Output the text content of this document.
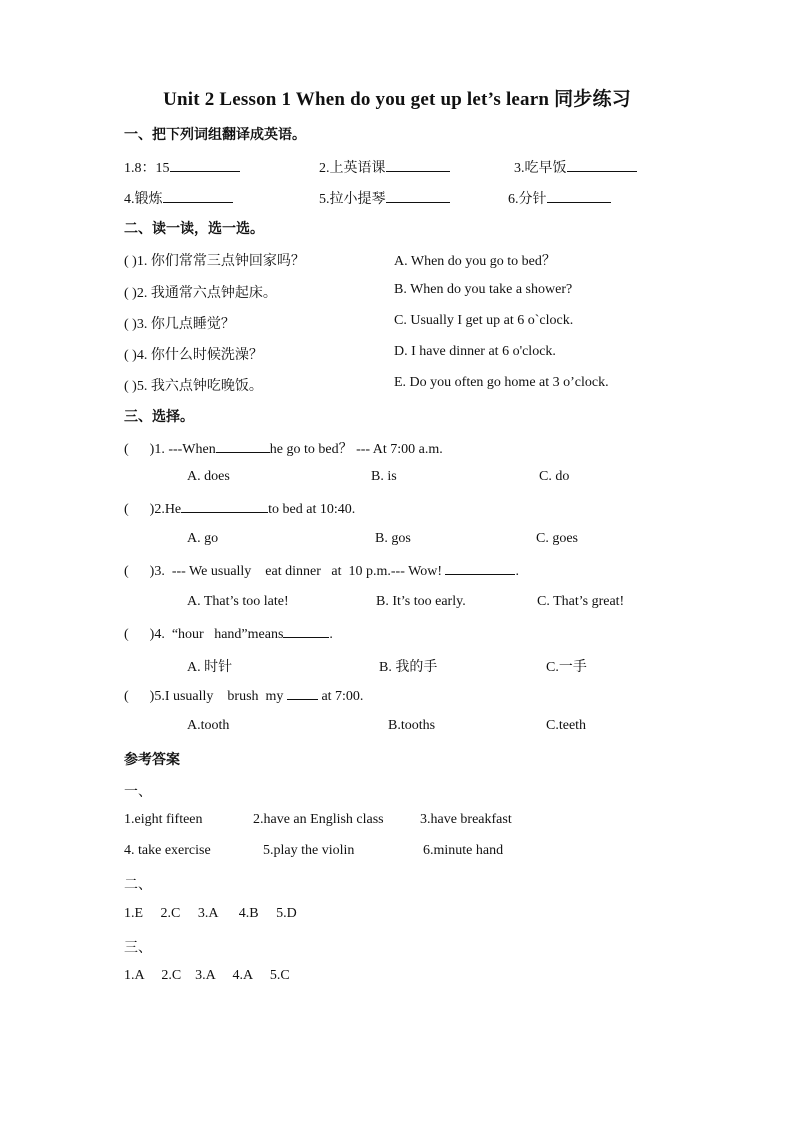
Unit 2 Lesson 1 When do you get up let’s learn 同步练习
一、把下列词组翻译成英语。
1.8：15	2.上英语课	3.吃早饭
4.锻炼	5.拉小提琴	6.分针
二、读一读，选一选。
( )1. 你们常常三点钟回家吗？	A. When do you go to bed？
( )2. 我通常六点钟起床。	B. When do you take a shower?
( )3. 你几点睡觉？	C. Usually I get up at 6 o`clock.
( )4. 你什么时候洗澡？	D. I have dinner at 6 o'clock.
( )5. 我六点钟吃晚饭。	E. Do you often go home at 3 o’clock.
三、选择。
(      )1. ---When	he go to bed？ --- At 7:00 a.m.
A. does	B. is	C. do
(      )2.He	to bed at 10:40.
A. go	B. gos	C. goes
(      )3.  --- We usually    eat dinner   at  10 p.m.--- Wow!	.
A. That’s too late!	B. It’s too early.	C. That’s great!
(      )4.  “hour   hand”means	.
A. 时针	B. 我的手	C.一手
(      )5.I usually    brush  my	at 7:00.
A.tooth	B.tooths	C.teeth
参考答案
一、
1.eight fifteen	2.have an English class	3.have breakfast
4. take exercise	5.play the violin	6.minute hand
二、
1.E     2.C     3.A      4.B     5.D
三、
1.A     2.C    3.A     4.A     5.C
